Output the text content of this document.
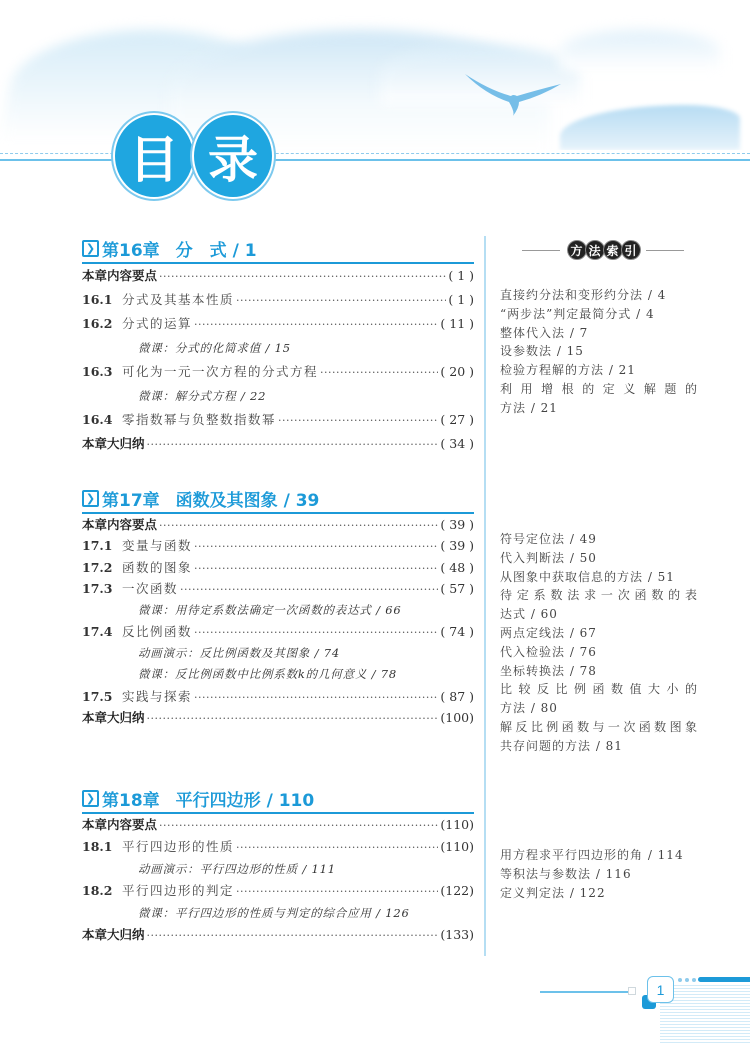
目 录
❯ 第16章 分　式 / 1
本章内容要点 ·····	( 1 )
16.1 分式及其基本性质 ·····	( 1 )
16.2 分式的运算 ·····	( 11 )
微课：分式的化简求值 / 15
16.3 可化为一元一次方程的分式方程 ·····	( 20 )
微课：解分式方程 / 22
16.4 零指数幂与负整数指数幂 ·····	( 27 )
本章大归纳 ·····	( 34 )
❯ 第17章 函数及其图象 / 39
本章内容要点 ·····	( 39 )
17.1 变量与函数 ·····	( 39 )
17.2 函数的图象 ·····	( 48 )
17.3 一次函数 ·····	( 57 )
微课：用待定系数法确定一次函数的表达式 / 66
17.4 反比例函数 ·····	( 74 )
动画演示：反比例函数及其图象 / 74
微课：反比例函数中比例系数k的几何意义 / 78
17.5 实践与探索 ·····	( 87 )
本章大归纳 ·····	(100)
❯ 第18章 平行四边形 / 110
本章内容要点 ·····	(110)
18.1 平行四边形的性质 ·····	(110)
动画演示：平行四边形的性质 / 111
18.2 平行四边形的判定 ·····	(122)
微课：平行四边形的性质与判定的综合应用 / 126
本章大归纳 ·····	(133)
方 法 索 引
直接约分法和变形约分法 / 4
“两步法”判定最简分式 / 4
整体代入法 / 7
设参数法 / 15
检验方程解的方法 / 21
利用增根的定义解题的
方法 / 21
符号定位法 / 49
代入判断法 / 50
从图象中获取信息的方法 / 51
待定系数法求一次函数的表
达式 / 60
两点定线法 / 67
代入检验法 / 76
坐标转换法 / 78
比较反比例函数值大小的
方法 / 80
解反比例函数与一次函数图象
共存问题的方法 / 81
用方程求平行四边形的角 / 114
等积法与参数法 / 116
定义判定法 / 122
1
